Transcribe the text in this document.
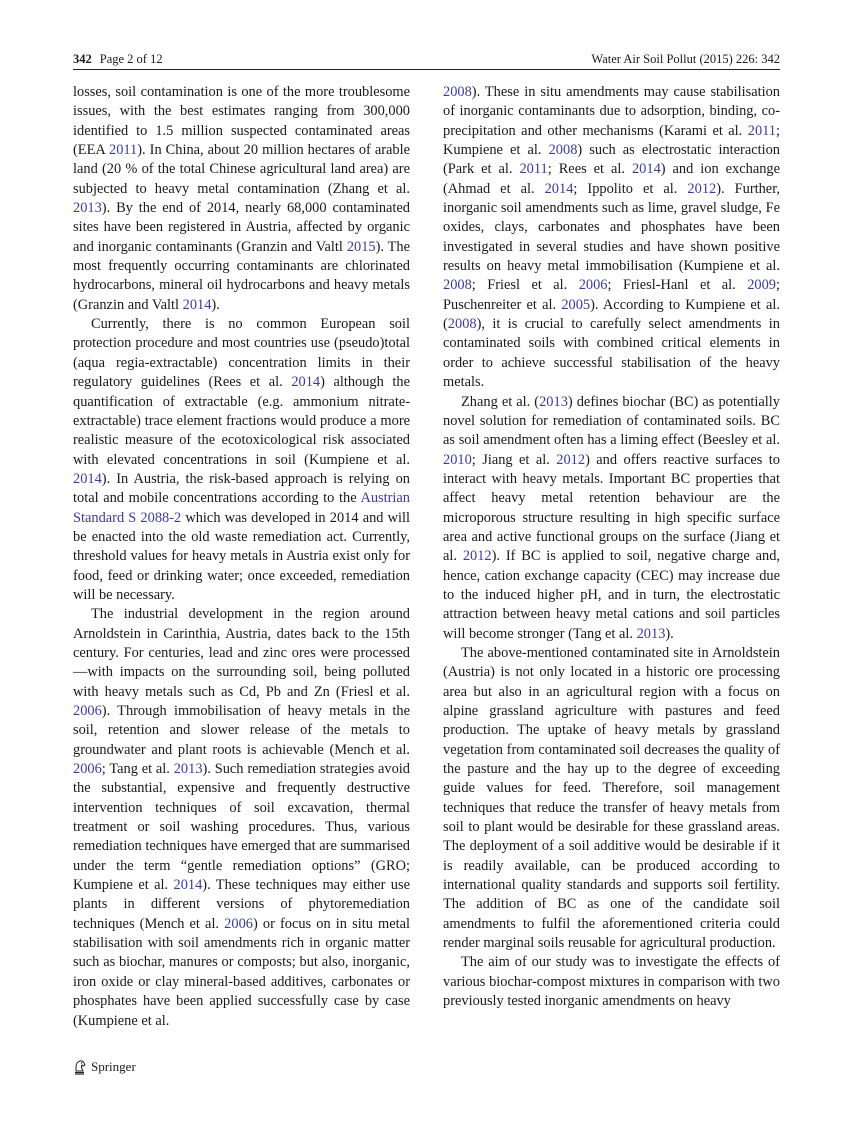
342 Page 2 of 12	Water Air Soil Pollut (2015) 226: 342

losses, soil contamination is one of the more troublesome issues, with the best estimates ranging from 300,000 identified to 1.5 million suspected contaminated areas (EEA 2011). In China, about 20 million hectares of arable land (20 % of the total Chinese agricultural land area) are subjected to heavy metal contamination (Zhang et al. 2013). By the end of 2014, nearly 68,000 contaminated sites have been registered in Austria, affected by organic and inorganic contaminants (Granzin and Valtl 2015). The most frequently occurring contaminants are chlorinated hydrocarbons, mineral oil hydrocarbons and heavy metals (Granzin and Valtl 2014).

Currently, there is no common European soil protection procedure and most countries use (pseudo)total (aqua regia-extractable) concentration limits in their regulatory guidelines (Rees et al. 2014) although the quantification of extractable (e.g. ammonium nitrate-extractable) trace element fractions would produce a more realistic measure of the ecotoxicological risk associated with elevated concentrations in soil (Kumpiene et al. 2014). In Austria, the risk-based approach is relying on total and mobile concentrations according to the Austrian Standard S 2088-2 which was developed in 2014 and will be enacted into the old waste remediation act. Currently, threshold values for heavy metals in Austria exist only for food, feed or drinking water; once exceeded, remediation will be necessary.

The industrial development in the region around Arnoldstein in Carinthia, Austria, dates back to the 15th century. For centuries, lead and zinc ores were processed—with impacts on the surrounding soil, being polluted with heavy metals such as Cd, Pb and Zn (Friesl et al. 2006). Through immobilisation of heavy metals in the soil, retention and slower release of the metals to groundwater and plant roots is achievable (Mench et al. 2006; Tang et al. 2013). Such remediation strategies avoid the substantial, expensive and frequently destructive intervention techniques of soil excavation, thermal treatment or soil washing procedures. Thus, various remediation techniques have emerged that are summarised under the term “gentle remediation options” (GRO; Kumpiene et al. 2014). These techniques may either use plants in different versions of phytoremediation techniques (Mench et al. 2006) or focus on in situ metal stabilisation with soil amendments rich in organic matter such as biochar, manures or composts; but also, inorganic, iron oxide or clay mineral-based additives, carbonates or phosphates have been applied successfully case by case (Kumpiene et al.

2008). These in situ amendments may cause stabilisation of inorganic contaminants due to adsorption, binding, co-precipitation and other mechanisms (Karami et al. 2011; Kumpiene et al. 2008) such as electrostatic interaction (Park et al. 2011; Rees et al. 2014) and ion exchange (Ahmad et al. 2014; Ippolito et al. 2012). Further, inorganic soil amendments such as lime, gravel sludge, Fe oxides, clays, carbonates and phosphates have been investigated in several studies and have shown positive results on heavy metal immobilisation (Kumpiene et al. 2008; Friesl et al. 2006; Friesl-Hanl et al. 2009; Puschenreiter et al. 2005). According to Kumpiene et al. (2008), it is crucial to carefully select amendments in contaminated soils with combined critical elements in order to achieve successful stabilisation of the heavy metals.

Zhang et al. (2013) defines biochar (BC) as potentially novel solution for remediation of contaminated soils. BC as soil amendment often has a liming effect (Beesley et al. 2010; Jiang et al. 2012) and offers reactive surfaces to interact with heavy metals. Important BC properties that affect heavy metal retention behaviour are the microporous structure resulting in high specific surface area and active functional groups on the surface (Jiang et al. 2012). If BC is applied to soil, negative charge and, hence, cation exchange capacity (CEC) may increase due to the induced higher pH, and in turn, the electrostatic attraction between heavy metal cations and soil particles will become stronger (Tang et al. 2013).

The above-mentioned contaminated site in Arnoldstein (Austria) is not only located in a historic ore processing area but also in an agricultural region with a focus on alpine grassland agriculture with pastures and feed production. The uptake of heavy metals by grassland vegetation from contaminated soil decreases the quality of the pasture and the hay up to the degree of exceeding guide values for feed. Therefore, soil management techniques that reduce the transfer of heavy metals from soil to plant would be desirable for these grassland areas. The deployment of a soil additive would be desirable if it is readily available, can be produced according to international quality standards and supports soil fertility. The addition of BC as one of the candidate soil amendments to fulfil the aforementioned criteria could render marginal soils reusable for agricultural production.

The aim of our study was to investigate the effects of various biochar-compost mixtures in comparison with two previously tested inorganic amendments on heavy

Springer
